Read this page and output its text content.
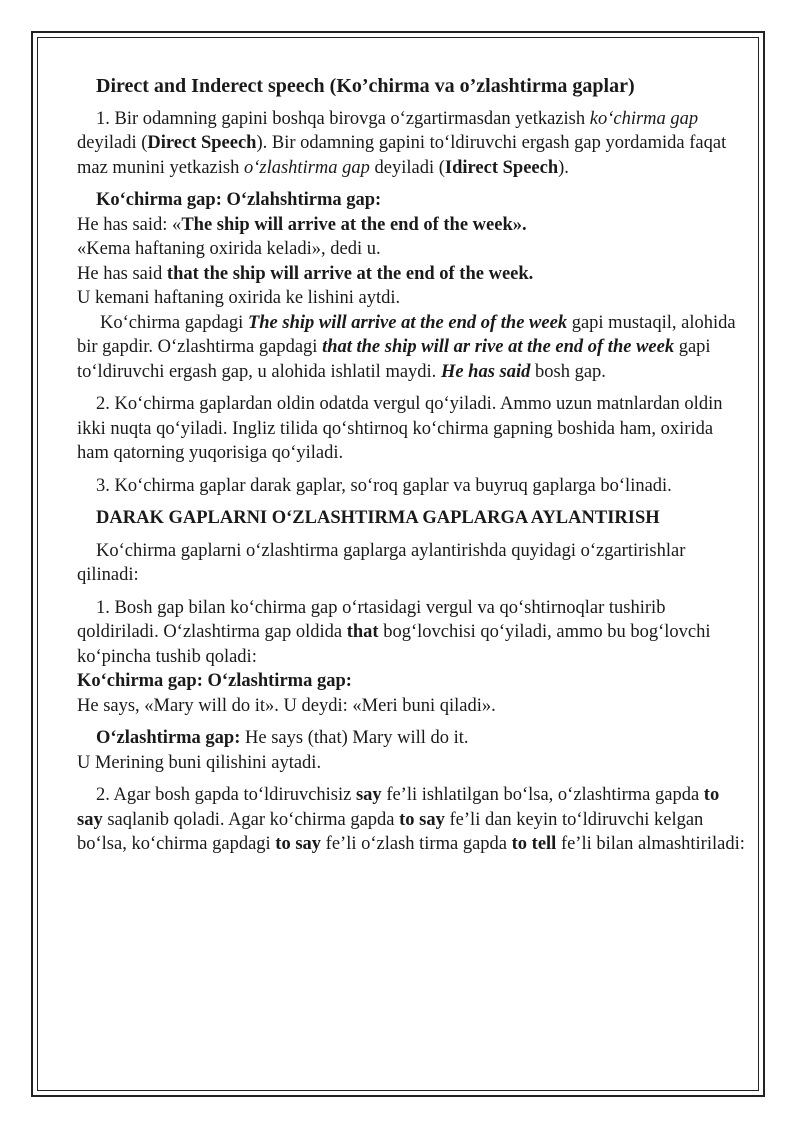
Direct and Inderect speech (Ko’chirma va o’zlashtirma gaplar)

1. Bir odamning gapini boshqa birovga o‘zgartirmasdan yetkazish ko‘chirma gap deyiladi (Direct Speech). Bir odamning gapini to‘ldiruvchi ergash gap yordamida faqat maz munini yetkazish o‘zlashtirma gap deyiladi (Idirect Speech).

Ko‘chirma gap: O‘zlahshtirma gap:
He has said: «The ship will arrive at the end of the week».
«Kema haftaning oxirida keladi», dedi u.
He has said that the ship will arrive at the end of the week.
U kemani haftaning oxirida ke lishini aytdi.

Ko‘chirma gapdagi The ship will arrive at the end of the week gapi mustaqil, alohida bir gapdir. O‘zlashtirma gapdagi that the ship will ar rive at the end of the week gapi to‘ldiruvchi ergash gap, u alohida ishlatil maydi. He has said bosh gap.

2. Ko‘chirma gaplardan oldin odatda vergul qo‘yiladi. Ammo uzun matnlardan oldin ikki nuqta qo‘yiladi. Ingliz tilida qo‘shtirnoq ko‘chirma gapning boshida ham, oxirida ham qatorning yuqorisiga qo‘yiladi.

3. Ko‘chirma gaplar darak gaplar, so‘roq gaplar va buyruq gaplarga bo‘linadi.

DARAK GAPLARNI O‘ZLASHTIRMA GAPLARGA AYLANTIRISH

Ko‘chirma gaplarni o‘zlashtirma gaplarga aylantirishda quyidagi o‘zgartirishlar qilinadi:

1. Bosh gap bilan ko‘chirma gap o‘rtasidagi vergul va qo‘shtirnoqlar tushirib qoldiriladi. O‘zlashtirma gap oldida that bog‘lovchisi qo‘yiladi, ammo bu bog‘lovchi ko‘pincha tushib qoladi:

Ko‘chirma gap: O‘zlashtirma gap:
He says, «Mary will do it». U deydi: «Meri buni qiladi».
O‘zlashtirma gap: He says (that) Mary will do it.
U Merining buni qilishini aytadi.

2. Agar bosh gapda to‘ldiruvchisiz say fe’li ishlatilgan bo‘lsa, o‘zlashtirma gapda to say saqlanib qoladi. Agar ko‘chirma gapda to say fe’li dan keyin to‘ldiruvchi kelgan bo‘lsa, ko‘chirma gapdagi to say fe’li o‘zlash tirma gapda to tell fe’li bilan almashtiriladi:
